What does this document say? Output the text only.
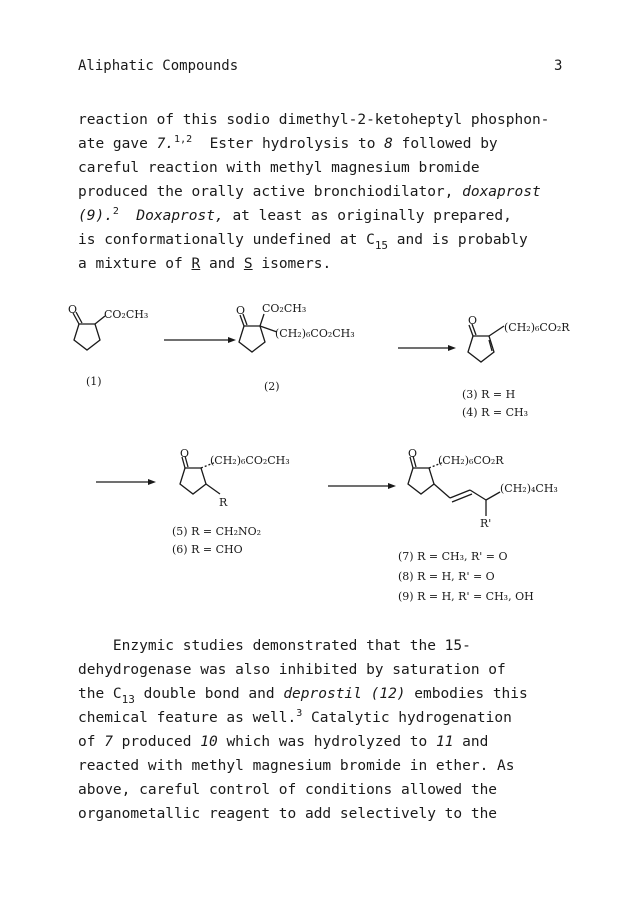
Aliphatic Compounds	3
reaction of this sodio dimethyl-2-ketoheptyl phosphon-
ate gave 7.$^{1,2}$  Ester hydrolysis to 8 followed by
careful reaction with methyl magnesium bromide
produced the orally active bronchiodilator, doxaprost
(9).$^2$  Doxaprost, at least as originally prepared,
is conformationally undefined at $C_{15}$ and is probably
a mixture of R and S isomers.
O CO₂CH₃
(1)
O CO₂CH₃
(CH₂)₆CO₂CH₃
(2)
O
(CH₂)₆CO₂R
(3) R = H
(4) R = CH₃
O
(CH₂)₆CO₂CH₃
R
(5) R = CH₂NO₂
(6) R = CHO
O
(CH₂)₆CO₂R
(CH₂)₄CH₃
R'
(7) R = CH₃, R' = O
(8) R = H, R' = O
(9) R = H, R' = CH₃, OH
Enzymic studies demonstrated that the 15-
dehydrogenase was also inhibited by saturation of
the $C_{13}$ double bond and deprostil (12) embodies this
chemical feature as well.$^3$ Catalytic hydrogenation
of 7 produced 10 which was hydrolyzed to 11 and
reacted with methyl magnesium bromide in ether. As
above, careful control of conditions allowed the
organometallic reagent to add selectively to the
